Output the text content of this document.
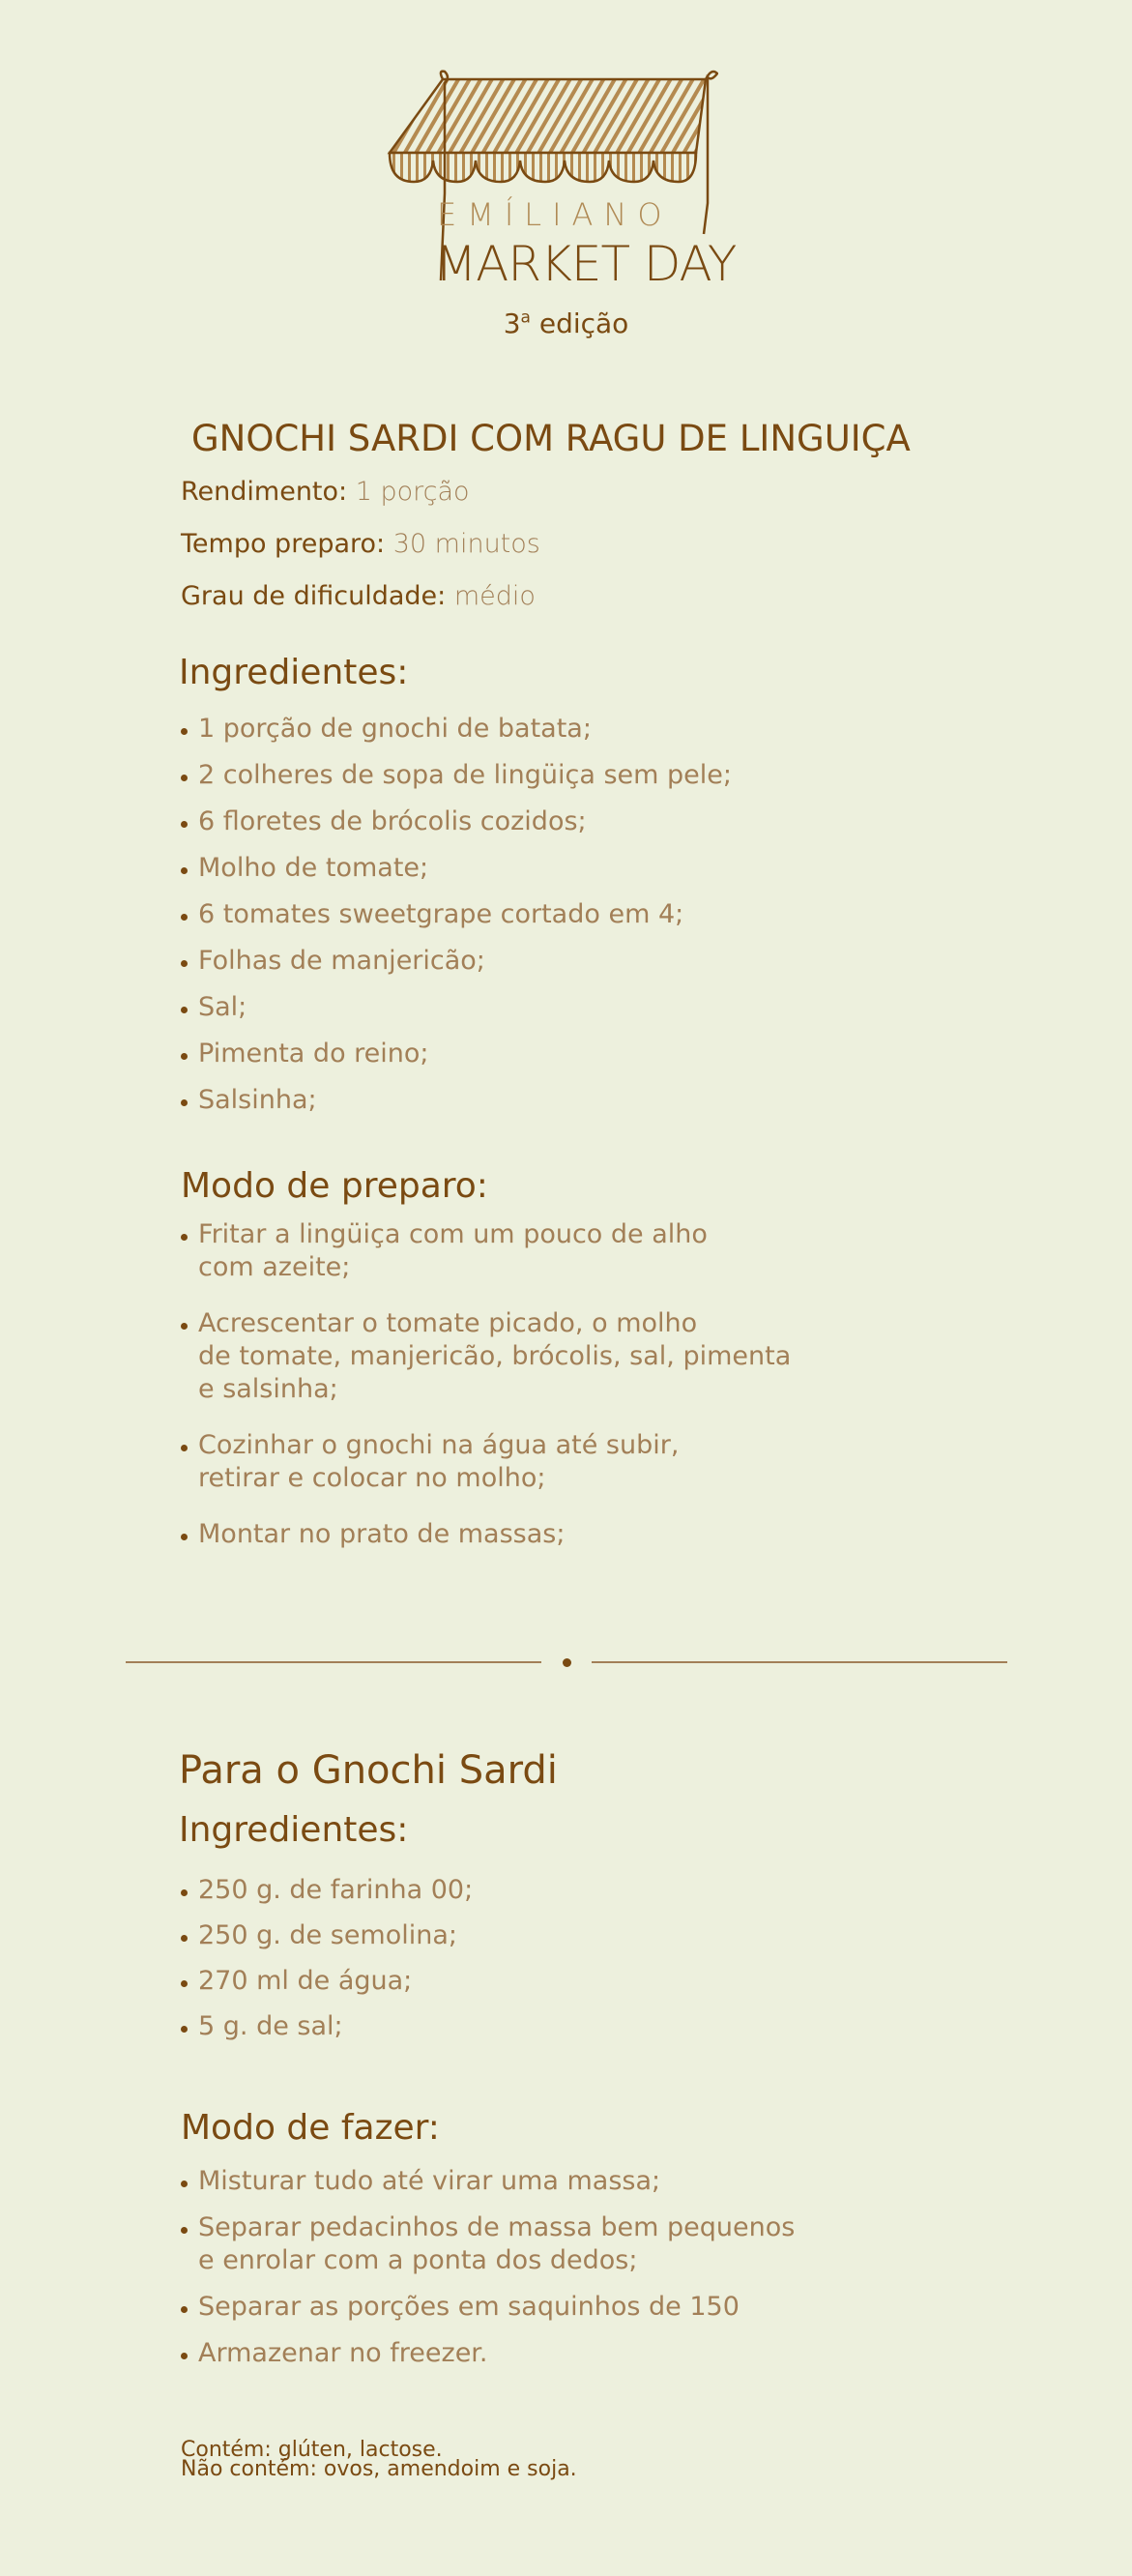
EMÍLIANO
MARKET DAY
3$^a$ edição
GNOCHI SARDI COM RAGU DE LINGUIÇA
Rendimento: 1 porção
Tempo preparo: 30 minutos
Grau de dificuldade: médio
Ingredientes:
1 porção de gnochi de batata;
2 colheres de sopa de lingüiça sem pele;
6 floretes de brócolis cozidos;
Molho de tomate;
6 tomates sweetgrape cortado em 4;
Folhas de manjericão;
Sal;
Pimenta do reino;
Salsinha;
Modo de preparo:
Fritar a lingüiça com um pouco de alho
com azeite;
Acrescentar o tomate picado, o molho
de tomate, manjericão, brócolis, sal, pimenta
e salsinha;
Cozinhar o gnochi na água até subir,
retirar e colocar no molho;
Montar no prato de massas;
Para o Gnochi Sardi
Ingredientes:
250 g. de farinha 00;
250 g. de semolina;
270 ml de água;
5 g. de sal;
Modo de fazer:
Misturar tudo até virar uma massa;
Separar pedacinhos de massa bem pequenos
e enrolar com a ponta dos dedos;
Separar as porções em saquinhos de 150
Armazenar no freezer.
Contém: glúten, lactose.
Não contém: ovos, amendoim e soja.
